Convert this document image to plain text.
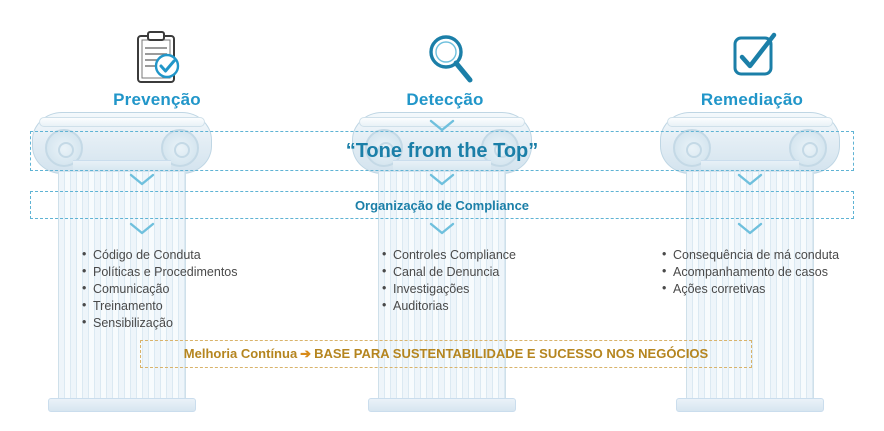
Prevenção	Detecção	Remediação
“Tone from the Top”
Organização de Compliance
• Código de Conduta
• Políticas e Procedimentos
• Comunicação
• Treinamento
• Sensibilização
• Controles Compliance
• Canal de Denuncia
• Investigações
• Auditorias
• Consequência de má conduta
• Acompanhamento de casos
• Ações corretivas
Melhoria Contínua ➔ BASE PARA SUSTENTABILIDADE E SUCESSO NOS NEGÓCIOS
